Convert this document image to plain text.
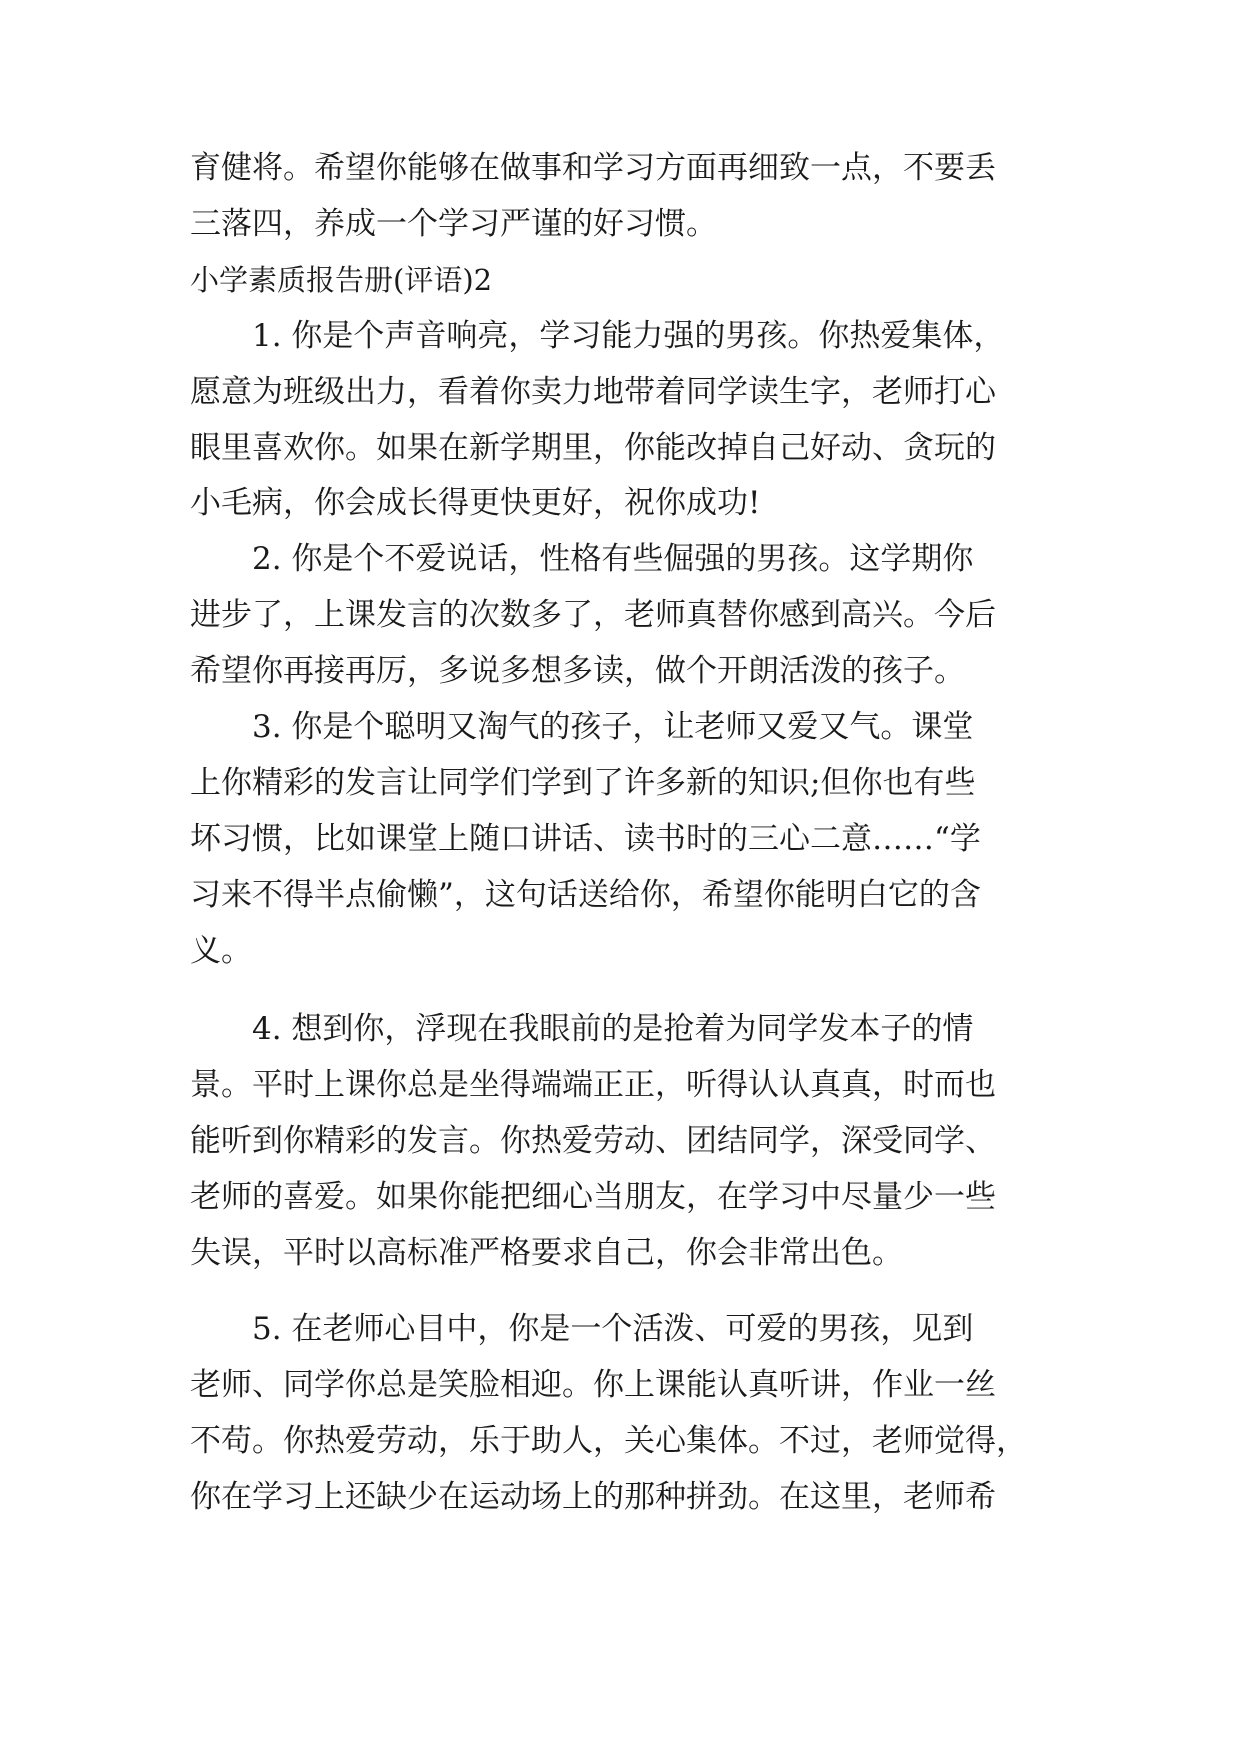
育健将。希望你能够在做事和学习方面再细致一点，不要丢
三落四，养成一个学习严谨的好习惯。
小学素质报告册(评语)2
1. 你是个声音响亮，学习能力强的男孩。你热爱集体，
愿意为班级出力，看着你卖力地带着同学读生字，老师打心
眼里喜欢你。如果在新学期里，你能改掉自己好动、贪玩的
小毛病，你会成长得更快更好，祝你成功!
2. 你是个不爱说话，性格有些倔强的男孩。这学期你
进步了，上课发言的次数多了，老师真替你感到高兴。今后
希望你再接再厉，多说多想多读，做个开朗活泼的孩子。
3. 你是个聪明又淘气的孩子，让老师又爱又气。课堂
上你精彩的发言让同学们学到了许多新的知识;但你也有些
坏习惯，比如课堂上随口讲话、读书时的三心二意……“学
习来不得半点偷懒”，这句话送给你，希望你能明白它的含
义。
4. 想到你，浮现在我眼前的是抢着为同学发本子的情
景。平时上课你总是坐得端端正正，听得认认真真，时而也
能听到你精彩的发言。你热爱劳动、团结同学，深受同学、
老师的喜爱。如果你能把细心当朋友，在学习中尽量少一些
失误，平时以高标准严格要求自己，你会非常出色。
5. 在老师心目中，你是一个活泼、可爱的男孩，见到
老师、同学你总是笑脸相迎。你上课能认真听讲，作业一丝
不苟。你热爱劳动，乐于助人，关心集体。不过，老师觉得，
你在学习上还缺少在运动场上的那种拼劲。在这里，老师希
